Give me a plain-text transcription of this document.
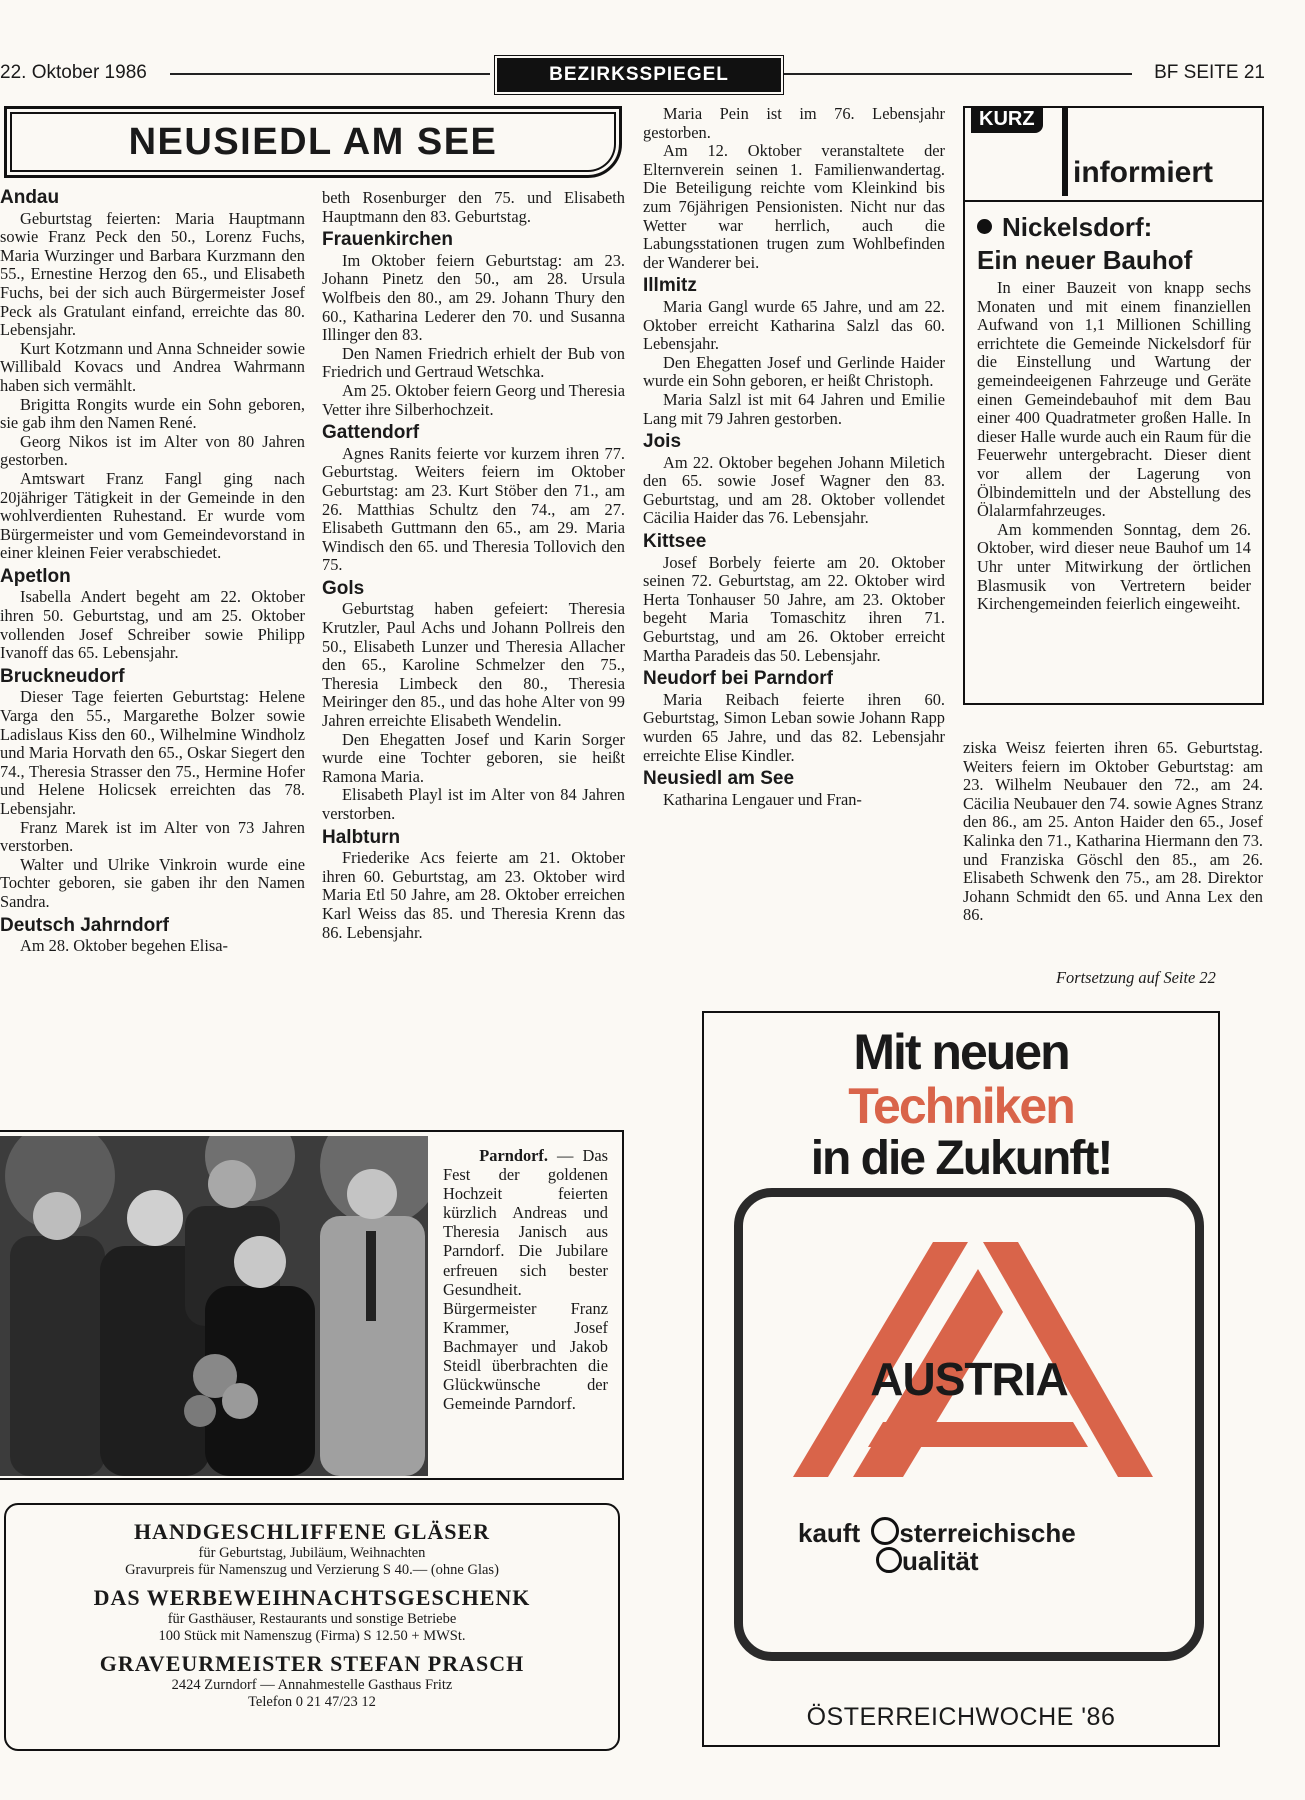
22. Oktober 1986	BEZIRKSSPIEGEL	BF SEITE 21
NEUSIEDL AM SEE
Andau

Geburtstag feierten: Maria Hauptmann sowie Franz Peck den 50., Lorenz Fuchs, Maria Wurzinger und Barbara Kurzmann den 55., Ernestine Herzog den 65., und Elisabeth Fuchs, bei der sich auch Bürgermeister Josef Peck als Gratulant einfand, erreichte das 80. Lebensjahr.

Kurt Kotzmann und Anna Schneider sowie Willibald Kovacs und Andrea Wahrmann haben sich vermählt.

Brigitta Rongits wurde ein Sohn geboren, sie gab ihm den Namen René.

Georg Nikos ist im Alter von 80 Jahren gestorben.

Amtswart Franz Fangl ging nach 20jähriger Tätigkeit in der Gemeinde in den wohlverdienten Ruhestand. Er wurde vom Bürgermeister und vom Gemeindevorstand in einer kleinen Feier verabschiedet.

Apetlon

Isabella Andert begeht am 22. Oktober ihren 50. Geburtstag, und am 25. Oktober vollenden Josef Schreiber sowie Philipp Ivanoff das 65. Lebensjahr.

Bruckneudorf

Dieser Tage feierten Geburtstag: Helene Varga den 55., Margarethe Bolzer sowie Ladislaus Kiss den 60., Wilhelmine Windholz und Maria Horvath den 65., Oskar Siegert den 74., Theresia Strasser den 75., Hermine Hofer und Helene Holicsek erreichten das 78. Lebensjahr.

Franz Marek ist im Alter von 73 Jahren verstorben.

Walter und Ulrike Vinkroin wurde eine Tochter geboren, sie gaben ihr den Namen Sandra.

Deutsch Jahrndorf

Am 28. Oktober begehen Elisa-

beth Rosenburger den 75. und Elisabeth Hauptmann den 83. Geburtstag.

Frauenkirchen

Im Oktober feiern Geburtstag: am 23. Johann Pinetz den 50., am 28. Ursula Wolfbeis den 80., am 29. Johann Thury den 60., Katharina Lederer den 70. und Susanna Illinger den 83.

Den Namen Friedrich erhielt der Bub von Friedrich und Gertraud Wetschka.

Am 25. Oktober feiern Georg und Theresia Vetter ihre Silberhochzeit.

Gattendorf

Agnes Ranits feierte vor kurzem ihren 77. Geburtstag. Weiters feiern im Oktober Geburtstag: am 23. Kurt Stöber den 71., am 26. Matthias Schultz den 74., am 27. Elisabeth Guttmann den 65., am 29. Maria Windisch den 65. und Theresia Tollovich den 75.

Gols

Geburtstag haben gefeiert: Theresia Krutzler, Paul Achs und Johann Pollreis den 50., Elisabeth Lunzer und Theresia Allacher den 65., Karoline Schmelzer den 75., Theresia Limbeck den 80., Theresia Meiringer den 85., und das hohe Alter von 99 Jahren erreichte Elisabeth Wendelin.

Den Ehegatten Josef und Karin Sorger wurde eine Tochter geboren, sie heißt Ramona Maria.

Elisabeth Playl ist im Alter von 84 Jahren verstorben.

Halbturn

Friederike Acs feierte am 21. Oktober ihren 60. Geburtstag, am 23. Oktober wird Maria Etl 50 Jahre, am 28. Oktober erreichen Karl Weiss das 85. und Theresia Krenn das 86. Lebensjahr.

Maria Pein ist im 76. Lebensjahr gestorben.

Am 12. Oktober veranstaltete der Elternverein seinen 1. Familienwandertag. Die Beteiligung reichte vom Kleinkind bis zum 76jährigen Pensionisten. Nicht nur das Wetter war herrlich, auch die Labungsstationen trugen zum Wohlbefinden der Wanderer bei.

Illmitz

Maria Gangl wurde 65 Jahre, und am 22. Oktober erreicht Katharina Salzl das 60. Lebensjahr.

Den Ehegatten Josef und Gerlinde Haider wurde ein Sohn geboren, er heißt Christoph.

Maria Salzl ist mit 64 Jahren und Emilie Lang mit 79 Jahren gestorben.

Jois

Am 22. Oktober begehen Johann Miletich den 65. sowie Josef Wagner den 83. Geburtstag, und am 28. Oktober vollendet Cäcilia Haider das 76. Lebensjahr.

Kittsee

Josef Borbely feierte am 20. Oktober seinen 72. Geburtstag, am 22. Oktober wird Herta Tonhauser 50 Jahre, am 23. Oktober begeht Maria Tomaschitz ihren 71. Geburtstag, und am 26. Oktober erreicht Martha Paradeis das 50. Lebensjahr.

Neudorf bei Parndorf

Maria Reibach feierte ihren 60. Geburtstag, Simon Leban sowie Johann Rapp wurden 65 Jahre, und das 82. Lebensjahr erreichte Elise Kindler.

Neusiedl am See

Katharina Lengauer und Fran-

KURZ
informiert
Nickelsdorf:
Ein neuer Bauhof

In einer Bauzeit von knapp sechs Monaten und mit einem finanziellen Aufwand von 1,1 Millionen Schilling errichtete die Gemeinde Nickelsdorf für die Einstellung und Wartung der gemeindeeigenen Fahrzeuge und Geräte einen Gemeindebauhof mit dem Bau einer 400 Quadratmeter großen Halle. In dieser Halle wurde auch ein Raum für die Feuerwehr untergebracht. Dieser dient vor allem der Lagerung von Ölbindemitteln und der Abstellung des Ölalarmfahrzeuges.

Am kommenden Sonntag, dem 26. Oktober, wird dieser neue Bauhof um 14 Uhr unter Mitwirkung der örtlichen Blasmusik von Vertretern beider Kirchengemeinden feierlich eingeweiht.

ziska Weisz feierten ihren 65. Geburtstag. Weiters feiern im Oktober Geburtstag: am 23. Wilhelm Neubauer den 72., am 24. Cäcilia Neubauer den 74. sowie Agnes Stranz den 86., am 25. Anton Haider den 65., Josef Kalinka den 71., Katharina Hiermann den 73. und Franziska Göschl den 85., am 26. Elisabeth Schwenk den 75., am 28. Direktor Johann Schmidt den 65. und Anna Lex den 86.

Fortsetzung auf Seite 22
Parndorf. — Das Fest der goldenen Hochzeit feierten kürzlich Andreas und Theresia Janisch aus Parndorf. Die Jubilare erfreuen sich bester Gesundheit. Bürgermeister Franz Krammer, Josef Bachmayer und Jakob Steidl überbrachten die Glückwünsche der Gemeinde Parndorf.
HANDGESCHLIFFENE GLÄSER
für Geburtstag, Jubiläum, Weihnachten
Gravurpreis für Namenszug und Verzierung S 40.— (ohne Glas)
DAS WERBEWEIHNACHTSGESCHENK
für Gasthäuser, Restaurants und sonstige Betriebe
100 Stück mit Namenszug (Firma) S 12.50 + MWSt.
GRAVEURMEISTER STEFAN PRASCH
2424 Zurndorf — Annahmestelle Gasthaus Fritz
Telefon 0 21 47/23 12
Mit neuen
Techniken
in die Zukunft!
AUSTRIA
kauft sterreichische
ualität
ÖSTERREICHWOCHE '86
